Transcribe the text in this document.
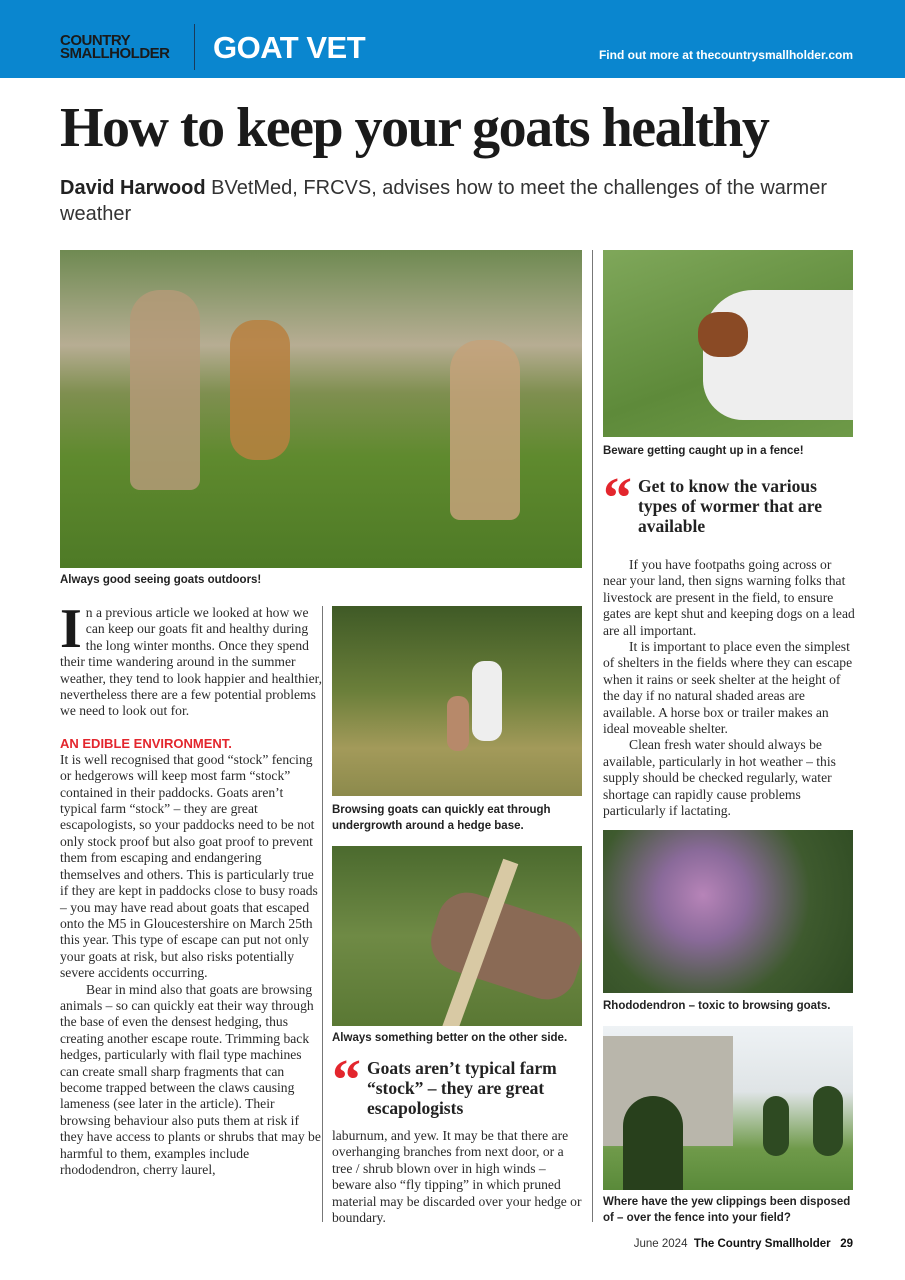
COUNTRY
SMALLHOLDER GOAT VET	Find out more at thecountrysmallholder.com
How to keep your goats healthy
David Harwood BVetMed, FRCVS, advises how to meet the challenges of the warmer weather
Always good seeing goats outdoors!
Beware getting caught up in a fence!
Browsing goats can quickly eat through undergrowth around a hedge base.
Always something better on the other side.
Rhododendron – toxic to browsing goats.
Where have the yew clippings been disposed of – over the fence into your field?

In a previous article we looked at how we can keep our goats fit and healthy during the long winter months. Once they spend their time wandering around in the summer weather, they tend to look happier and healthier, nevertheless there are a few potential problems we need to look out for.

AN EDIBLE ENVIRONMENT.

It is well recognised that good “stock” fencing or hedgerows will keep most farm “stock” contained in their paddocks. Goats aren’t typical farm “stock” – they are great escapologists, so your paddocks need to be not only stock proof but also goat proof to prevent them from escaping and endangering themselves and others. This is particularly true if they are kept in paddocks close to busy roads – you may have read about goats that escaped onto the M5 in Gloucestershire on March 25th this year. This type of escape can put not only your goats at risk, but also risks potentially severe accidents occurring.

Bear in mind also that goats are browsing animals – so can quickly eat their way through the base of even the densest hedging, thus creating another escape route. Trimming back hedges, particularly with flail type machines can create small sharp fragments that can become trapped between the claws causing lameness (see later in the article). Their browsing behaviour also puts them at risk if they have access to plants or shrubs that may be harmful to them, examples include rhododendron, cherry laurel,

“ Goats aren’t typical farm “stock” – they are great escapologists

laburnum, and yew. It may be that there are overhanging branches from next door, or a tree / shrub blown over in high winds – beware also “fly tipping” in which pruned material may be discarded over your hedge or boundary.

“ Get to know the various types of wormer that are available

If you have footpaths going across or near your land, then signs warning folks that livestock are present in the field, to ensure gates are kept shut and keeping dogs on a lead are all important.

It is important to place even the simplest of shelters in the fields where they can escape when it rains or seek shelter at the height of the day if no natural shaded areas are available. A horse box or trailer makes an ideal moveable shelter.

Clean fresh water should always be available, particularly in hot weather – this supply should be checked regularly, water shortage can rapidly cause problems particularly if lactating.

June 2024 The Country Smallholder 29
